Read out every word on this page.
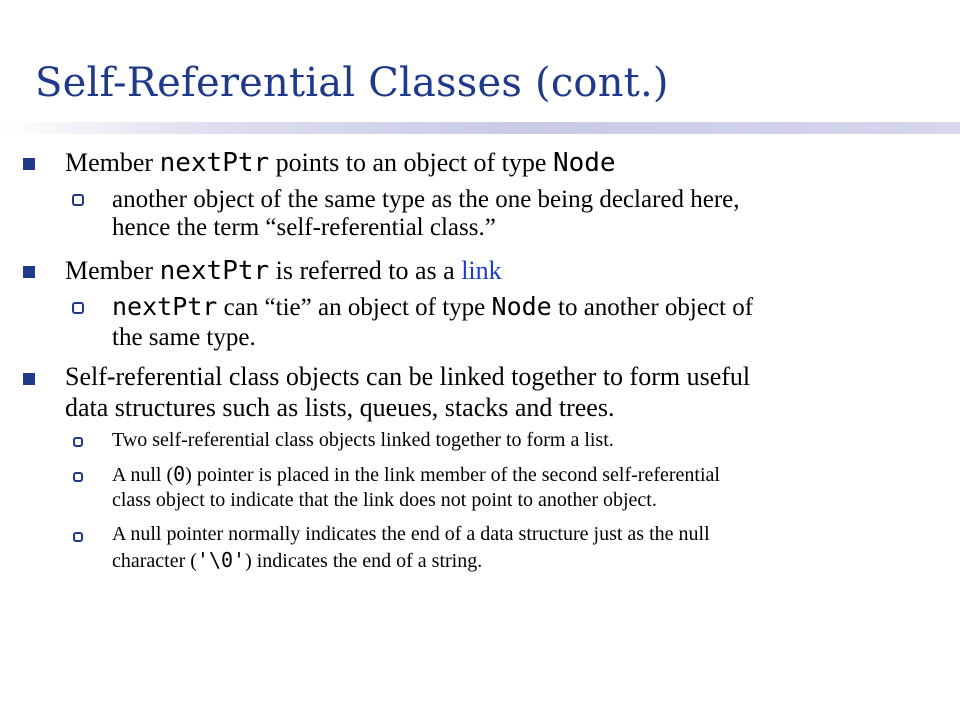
Self-Referential Classes (cont.)
Member nextPtr points to an object of type Node
another object of the same type as the one being declared here,
hence the term “self-referential class.”
Member nextPtr is referred to as a link
nextPtr can “tie” an object of type Node to another object of
the same type.
Self-referential class objects can be linked together to form useful
data structures such as lists, queues, stacks and trees.
Two self-referential class objects linked together to form a list.
A null (0) pointer is placed in the link member of the second self-referential
class object to indicate that the link does not point to another object.
A null pointer normally indicates the end of a data structure just as the null
character ('\0') indicates the end of a string.
